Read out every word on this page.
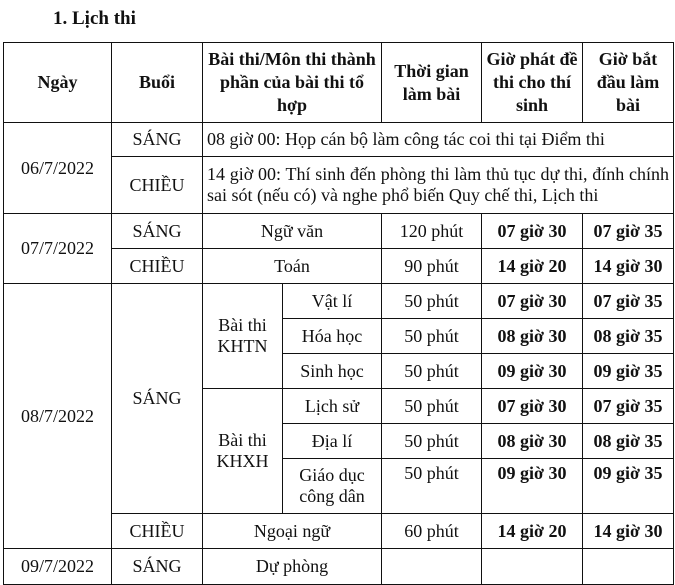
1. Lịch thi
Ngày	Buổi	Bài thi/Môn thi thành phần của bài thi tổ hợp		Thời gian làm bài	Giờ phát đề thi cho thí sinh	Giờ bắt đầu làm bài
06/7/2022	SÁNG	08 giờ 00: Họp cán bộ làm công tác coi thi tại Điểm thi				
	CHIỀU	14 giờ 00: Thí sinh đến phòng thi làm thủ tục dự thi, đính chính sai sót (nếu có) và nghe phổ biến Quy chế thi, Lịch thi				
07/7/2022	SÁNG	Ngữ văn		120 phút	07 giờ 30	07 giờ 35
	CHIỀU	Toán		90 phút	14 giờ 20	14 giờ 30
08/7/2022	SÁNG	Bài thi KHTN	Vật lí	50 phút	07 giờ 30	07 giờ 35
			Hóa học	50 phút	08 giờ 30	08 giờ 35
			Sinh học	50 phút	09 giờ 30	09 giờ 35
		Bài thi KHXH	Lịch sử	50 phút	07 giờ 30	07 giờ 35
			Địa lí	50 phút	08 giờ 30	08 giờ 35
			Giáo dục công dân	50 phút	09 giờ 30	09 giờ 35
	CHIỀU	Ngoại ngữ		60 phút	14 giờ 20	14 giờ 30
09/7/2022	SÁNG	Dự phòng				
